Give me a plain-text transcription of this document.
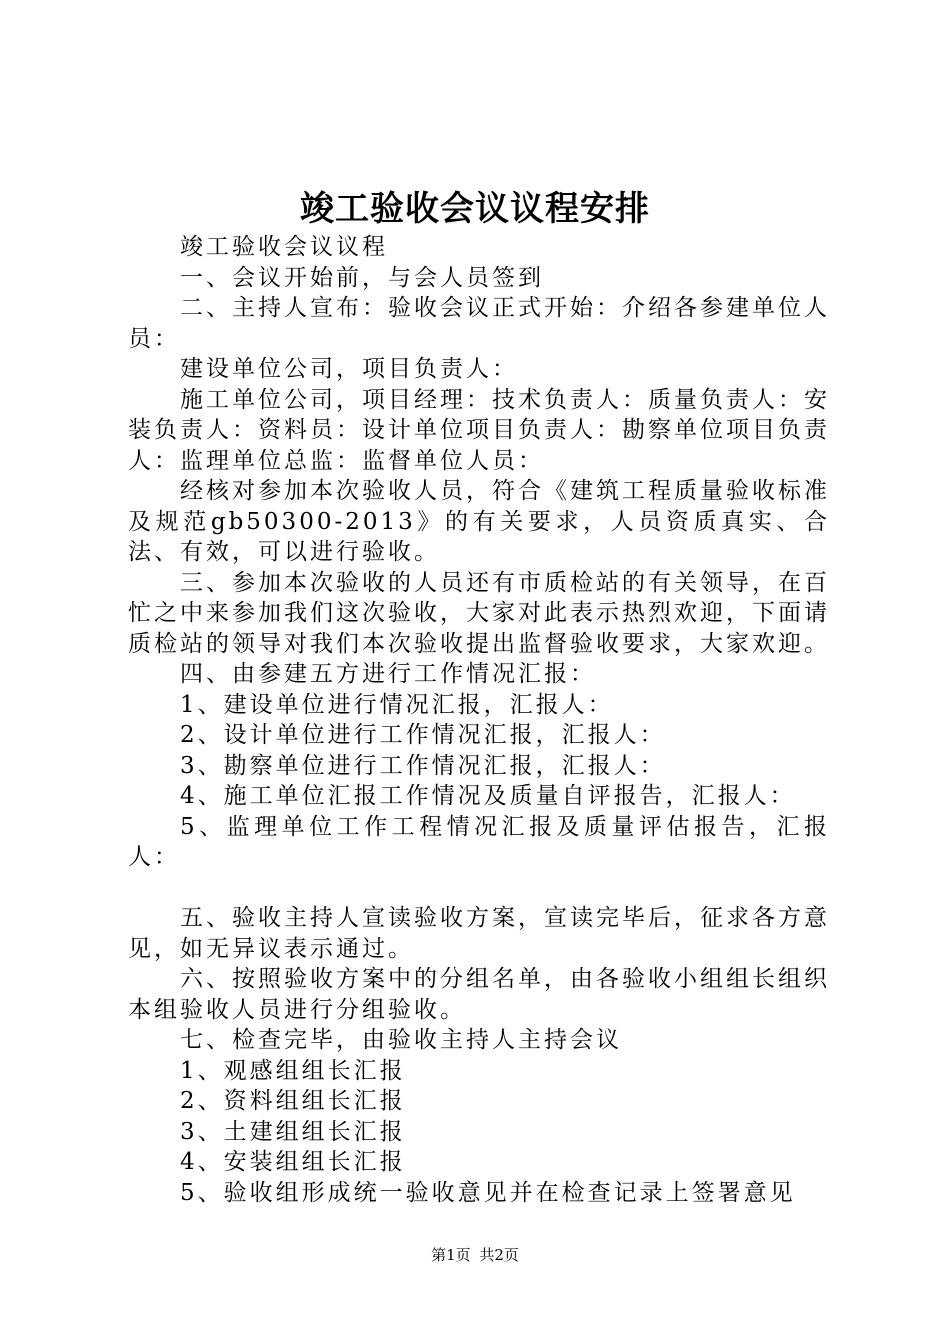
竣工验收会议议程安排

竣工验收会议议程

一、会议开始前，与会人员签到

二、主持人宣布：验收会议正式开始：介绍各参建单位人员：

建设单位公司，项目负责人：

施工单位公司，项目经理：技术负责人：质量负责人：安装负责人：资料员：设计单位项目负责人：勘察单位项目负责人：监理单位总监：监督单位人员：

经核对参加本次验收人员，符合《建筑工程质量验收标准及规范gb50300-2013》的有关要求，人员资质真实、合法、有效，可以进行验收。

三、参加本次验收的人员还有市质检站的有关领导，在百忙之中来参加我们这次验收，大家对此表示热烈欢迎，下面请质检站的领导对我们本次验收提出监督验收要求，大家欢迎。

四、由参建五方进行工作情况汇报：

1、建设单位进行情况汇报，汇报人：

2、设计单位进行工作情况汇报，汇报人：

3、勘察单位进行工作情况汇报，汇报人：

4、施工单位汇报工作情况及质量自评报告，汇报人：

5、监理单位工作工程情况汇报及质量评估报告，汇报人：

五、验收主持人宣读验收方案，宣读完毕后，征求各方意见，如无异议表示通过。

六、按照验收方案中的分组名单，由各验收小组组长组织本组验收人员进行分组验收。

七、检查完毕，由验收主持人主持会议

1、观感组组长汇报

2、资料组组长汇报

3、土建组组长汇报

4、安装组组长汇报

5、验收组形成统一验收意见并在检查记录上签署意见

第1页 共2页
